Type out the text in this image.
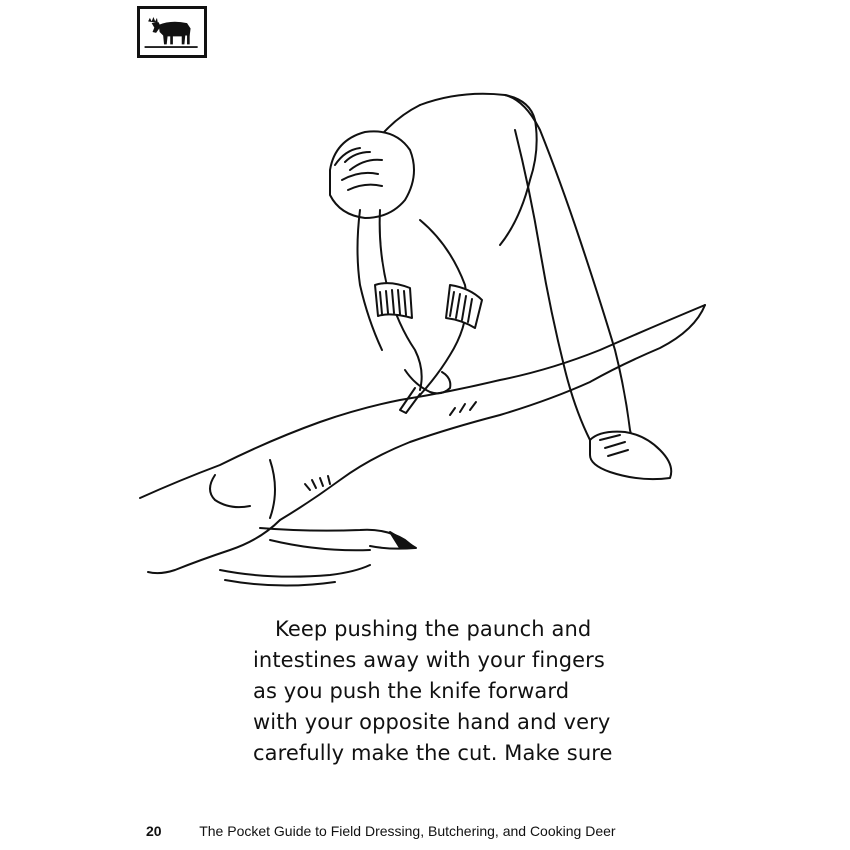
Keep pushing the paunch and
intestines away with your fingers
as you push the knife forward
with your opposite hand and very
carefully make the cut. Make sure
20	The Pocket Guide to Field Dressing, Butchering, and Cooking Deer
